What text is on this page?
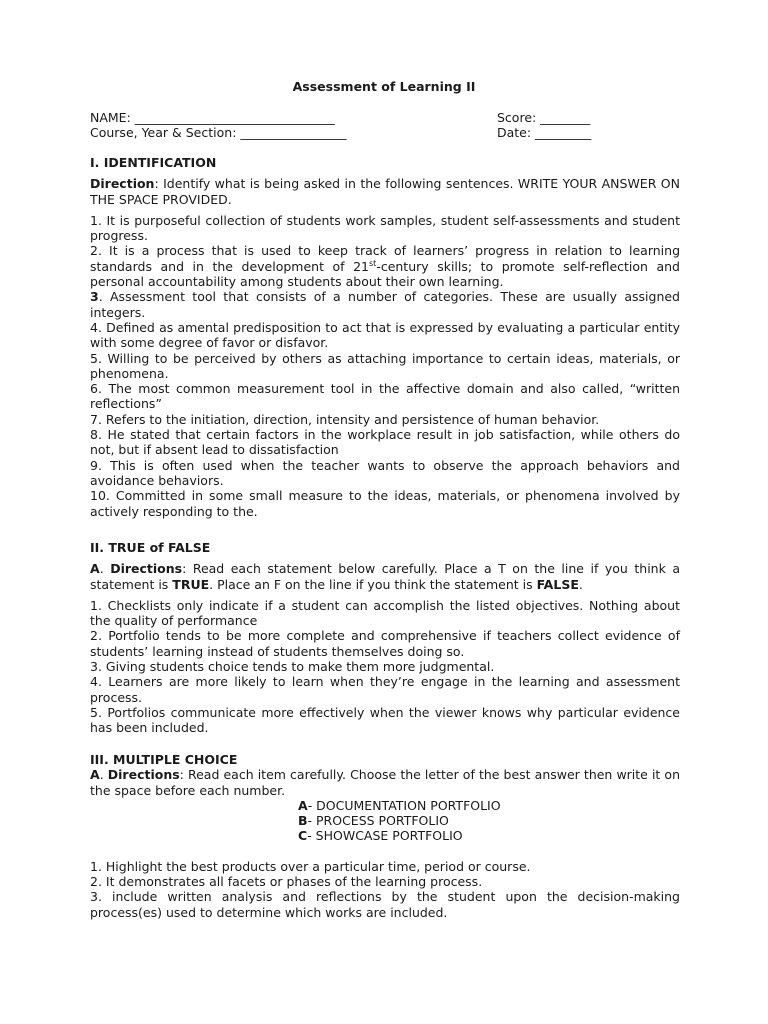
Assessment of Learning II
NAME: ________________________________	Score: ________
Course, Year & Section: _________________	Date: _________
I. IDENTIFICATION
Direction: Identify what is being asked in the following sentences. WRITE YOUR ANSWER ON THE SPACE PROVIDED.
1. It is purposeful collection of students work samples, student self-assessments and student progress.
2. It is a process that is used to keep track of learners’ progress in relation to learning standards and in the development of 21st-century skills; to promote self-reflection and personal accountability among students about their own learning.
3. Assessment tool that consists of a number of categories. These are usually assigned integers.
4. Defined as amental predisposition to act that is expressed by evaluating a particular entity with some degree of favor or disfavor.
5. Willing to be perceived by others as attaching importance to certain ideas, materials, or phenomena.
6. The most common measurement tool in the affective domain and also called, “written reflections”
7. Refers to the initiation, direction, intensity and persistence of human behavior.
8. He stated that certain factors in the workplace result in job satisfaction, while others do not, but if absent lead to dissatisfaction
9. This is often used when the teacher wants to observe the approach behaviors and avoidance behaviors.
10. Committed in some small measure to the ideas, materials, or phenomena involved by actively responding to the.
II. TRUE of FALSE
A. Directions: Read each statement below carefully. Place a T on the line if you think a statement is TRUE. Place an F on the line if you think the statement is FALSE.
1. Checklists only indicate if a student can accomplish the listed objectives. Nothing about the quality of performance
2. Portfolio tends to be more complete and comprehensive if teachers collect evidence of students’ learning instead of students themselves doing so.
3. Giving students choice tends to make them more judgmental.
4. Learners are more likely to learn when they’re engage in the learning and assessment process.
5. Portfolios communicate more effectively when the viewer knows why particular evidence has been included.
III. MULTIPLE CHOICE
A. Directions: Read each item carefully. Choose the letter of the best answer then write it on the space before each number.
A- DOCUMENTATION PORTFOLIO
B- PROCESS PORTFOLIO
C- SHOWCASE PORTFOLIO
1. Highlight the best products over a particular time, period or course.
2. It demonstrates all facets or phases of the learning process.
3. include written analysis and reflections by the student upon the decision-making process(es) used to determine which works are included.
